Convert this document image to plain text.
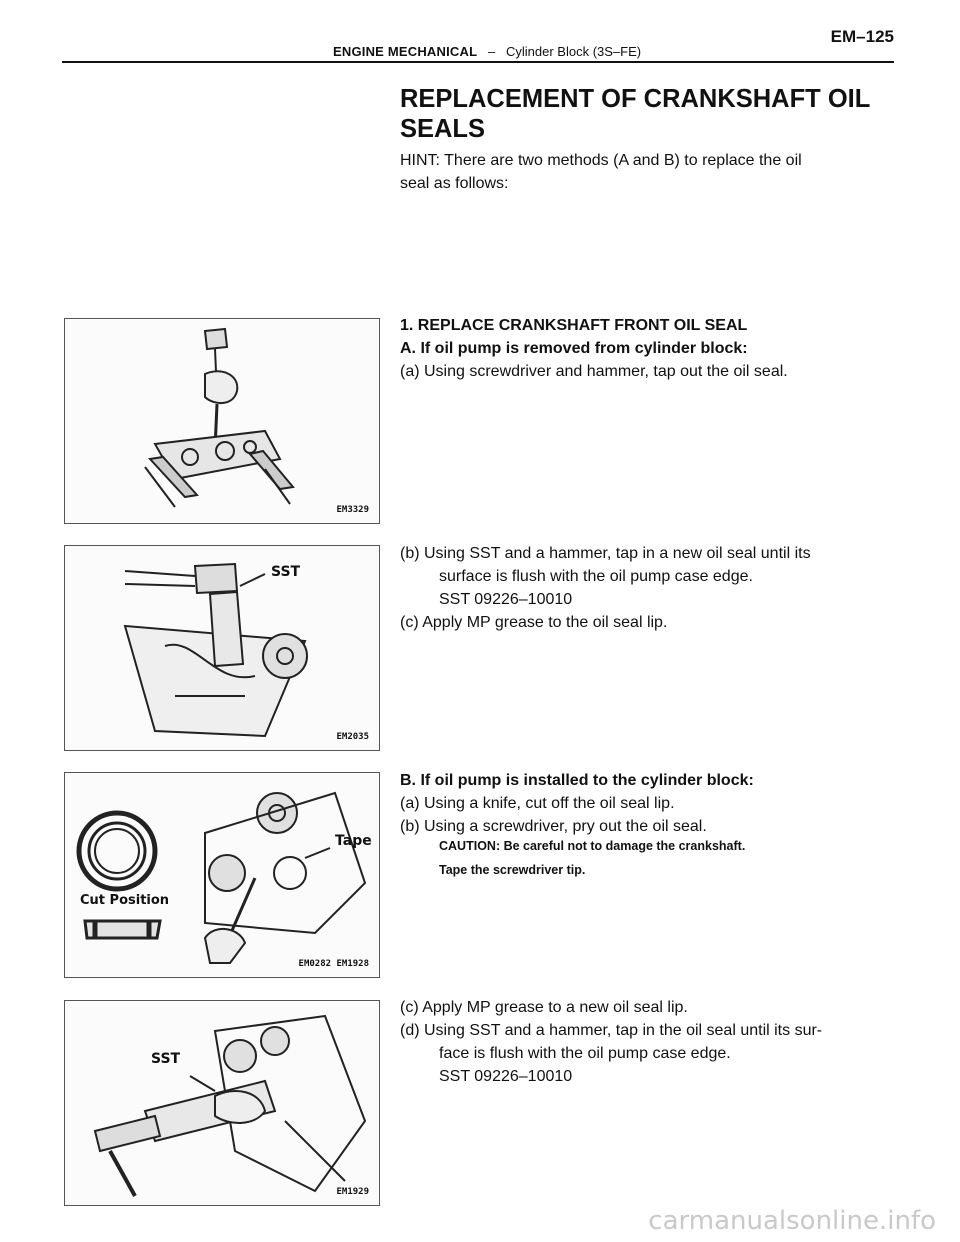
EM–125
ENGINE MECHANICAL – Cylinder Block (3S–FE)
REPLACEMENT OF CRANKSHAFT OIL SEALS
HINT: There are two methods (A and B) to replace the oil
seal as follows:
1. REPLACE CRANKSHAFT FRONT OIL SEAL
A. If oil pump is removed from cylinder block:
(a) Using screwdriver and hammer, tap out the oil seal.
(b) Using SST and a hammer, tap in a new oil seal until its
surface is flush with the oil pump case edge.
SST 09226–10010
(c) Apply MP grease to the oil seal lip.
B. If oil pump is installed to the cylinder block:
(a) Using a knife, cut off the oil seal lip.
(b) Using a screwdriver, pry out the oil seal.
CAUTION: Be careful not to damage the crankshaft.
Tape the screwdriver tip.
(c) Apply MP grease to a new oil seal lip.
(d) Using SST and a hammer, tap in the oil seal until its sur-
face is flush with the oil pump case edge.
SST 09226–10010
EM3329
SST
EM2035
Tape
Cut Position
EM0282 EM1928
SST
EM1929
carmanualsonline.info
